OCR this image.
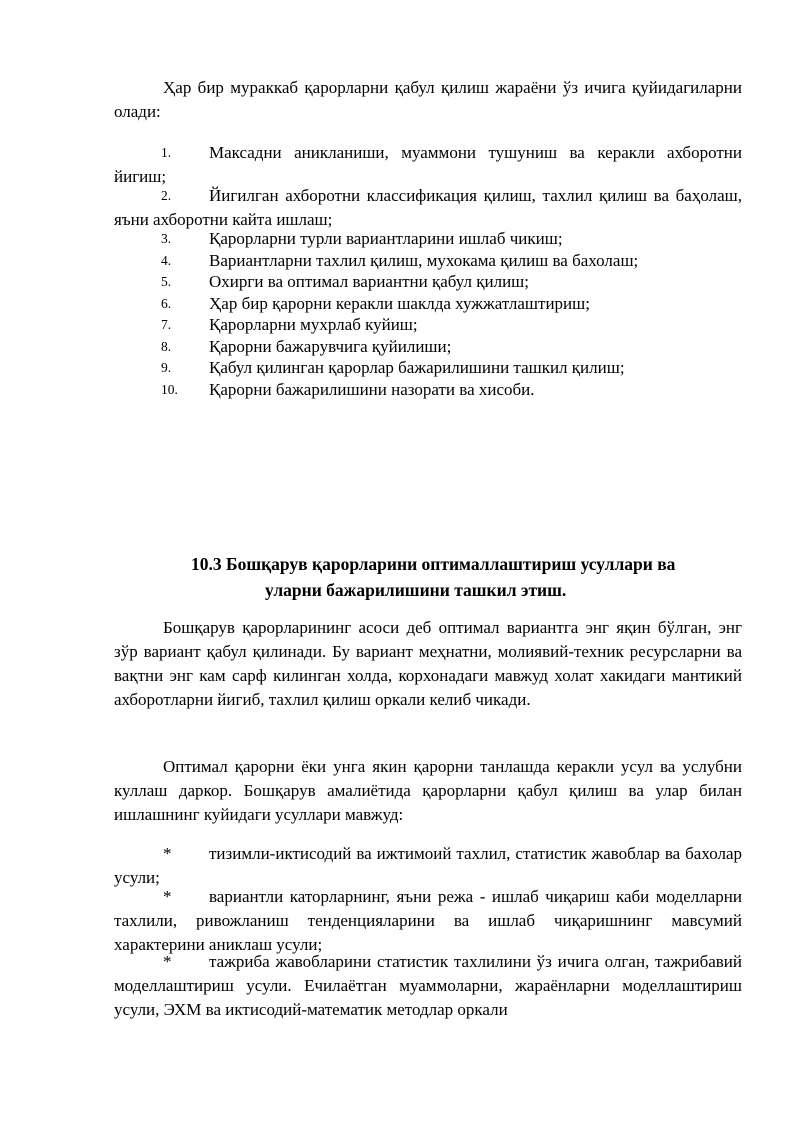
Ҳар бир мураккаб қарорларни қабул қилиш жараёни ўз ичига қуйидагиларни олади:

1.	Максадни аникланиши, муаммони тушуниш ва керакли ахборотни йигиш;

2.	Йигилган ахборотни классификация қилиш, тахлил қилиш ва баҳолаш, яъни ахборотни кайта ишлаш;

3. Қарорларни турли вариантларини ишлаб чикиш;
4. Вариантларни тахлил қилиш, мухокама қилиш ва бахолаш;
5. Охирги ва оптимал вариантни қабул қилиш;
6. Ҳар бир қарорни керакли шаклда хужжатлаштириш;
7. Қарорларни мухрлаб куйиш;
8. Қарорни бажарувчига қуйилиши;
9. Қабул қилинган қарорлар бажарилишини ташкил қилиш;
10. Қарорни бажарилишини назорати ва хисоби.
10.3 Бошқарув қарорларини оптималлаштириш усуллари ва
уларни бажарилишини ташкил этиш.

Бошқарув қарорларининг асоси деб оптимал вариантга энг яқин бўлган, энг зўр вариант қабул қилинади. Бу вариант меҳнатни, молиявий-техник ресурсларни ва вақтни энг кам сарф килинган холда, корхонадаги мавжуд холат хакидаги мантикий ахборотларни йигиб, тахлил қилиш оркали келиб чикади.

Оптимал қарорни ёки унга якин қарорни танлашда керакли усул ва услубни куллаш даркор. Бошқарув амалиётида қарорларни қабул қилиш ва улар билан ишлашнинг куйидаги усуллари мавжуд:

*	тизимли-иктисодий ва ижтимоий тахлил, статистик жавоблар ва бахолар усули;

*	вариантли каторларнинг, яъни режа - ишлаб чиқариш каби моделларни тахлили, ривожланиш тенденцияларини ва ишлаб чиқаришнинг мавсумий характерини аниклаш усули;

*	тажриба жавобларини статистик тахлилини ўз ичига олган, тажрибавий моделлаштириш усули. Ечилаётган муаммоларни, жараёнларни моделлаштириш усули, ЭХМ ва иктисодий-математик методлар оркали
